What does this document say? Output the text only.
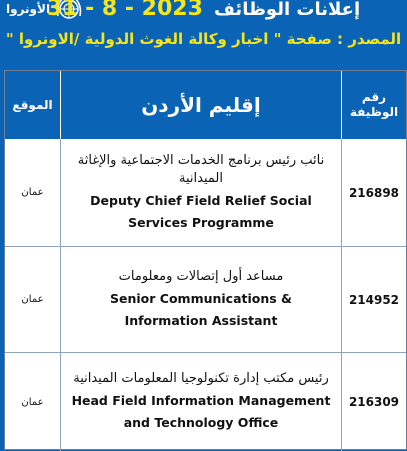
الأونروا	إعلانات الوظائف 31 - 8 - 2023
المصدر : صفحة " اخبار وكالة الغوث الدولية /الاونروا "
رقم الوظيفة
إقليم الأردن
الموقع
216898
نائب رئيس برنامج الخدمات الاجتماعية والإغاثة الميدانية
Deputy Chief Field Relief Social Services Programme
عمان
214952
مساعد أول إتصالات ومعلومات
Senior Communications & Information Assistant
عمان
216309
رئيس مكتب إدارة تكنولوجيا المعلومات الميدانية
Head Field Information Management and Technology Office
عمان
